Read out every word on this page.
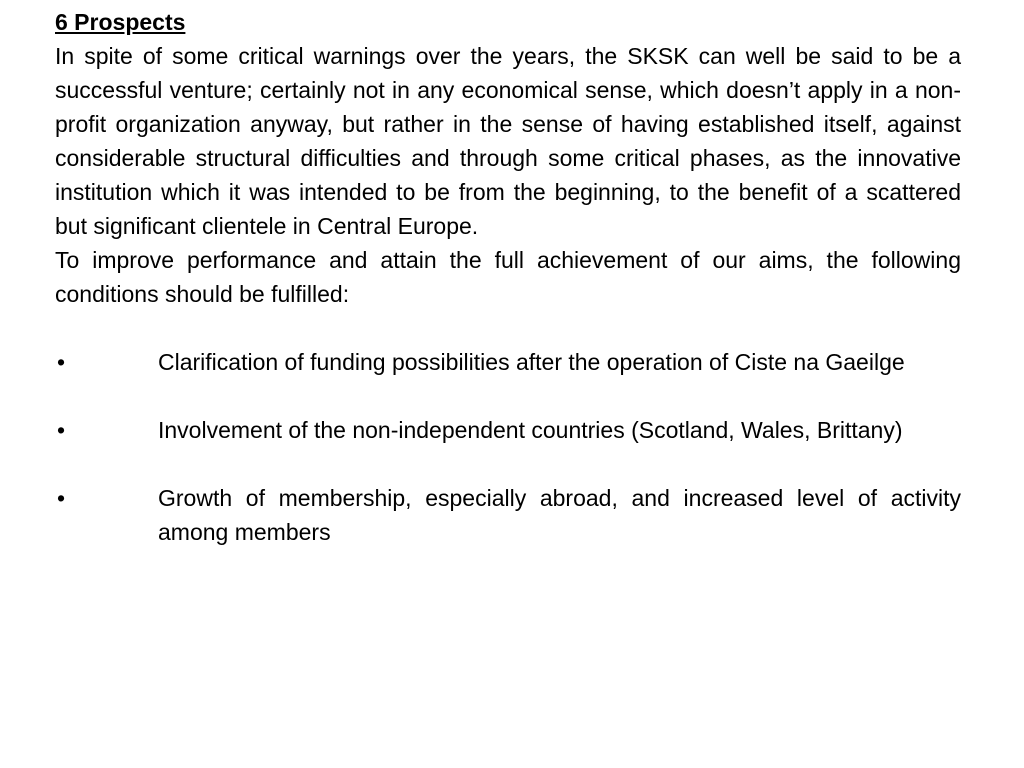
6 Prospects

In spite of some critical warnings over the years, the SKSK can well be said to be a successful venture; certainly not in any economical sense, which doesn’t apply in a non-profit organization anyway, but rather in the sense of having established itself, against considerable structural difficulties and through some critical phases, as the innovative institution which it was intended to be from the beginning, to the benefit of a scattered but significant clientele in Central Europe.

To improve performance and attain the full achievement of our aims, the following conditions should be fulfilled:

•	Clarification of funding possibilities after the operation of Ciste na Gaeilge
•	Involvement of the non-independent countries (Scotland, Wales, Brittany)
•	Growth of membership, especially abroad, and increased level of activity among members
